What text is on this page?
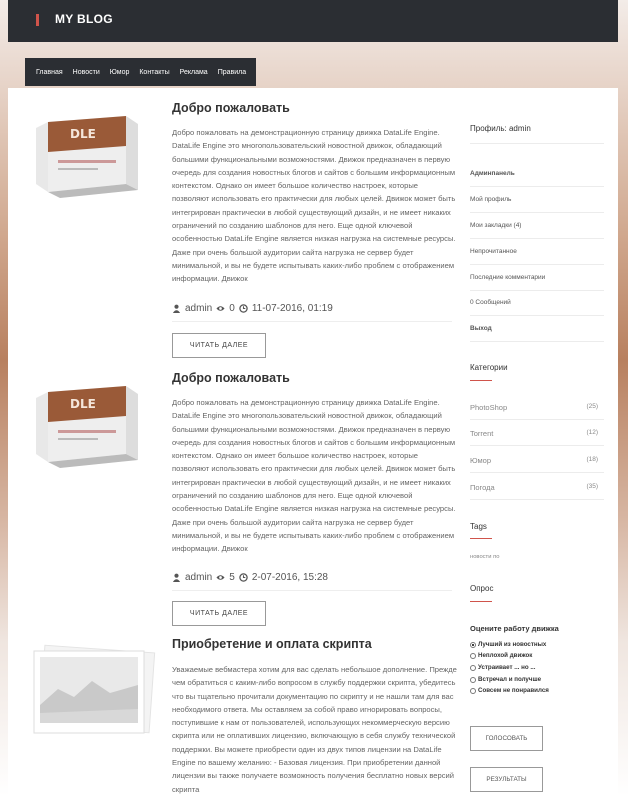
MY BLOG
Главная	Новости	Юмор	Контакты	Реклама	Правила
DLE
Добро пожаловать
Добро пожаловать на демонстрационную страницу движка DataLife Engine. DataLife Engine это многопользовательский новостной движок, обладающий большими функциональными возможностями. Движок предназначен в первую очередь для создания новостных блогов и сайтов с большим информационным контекстом. Однако он имеет большое количество настроек, которые позволяют использовать его практически для любых целей. Движок может быть интегрирован практически в любой существующий дизайн, и не имеет никаких ограничений по созданию шаблонов для него. Еще одной ключевой особенностью DataLife Engine является низкая нагрузка на системные ресурсы. Даже при очень большой аудитории сайта нагрузка не сервер будет минимальной, и вы не будете испытывать каких-либо проблем с отображением информации. Движок
admin 0 11-07-2016, 01:19
ЧИТАТЬ ДАЛЕЕ
DLE
Добро пожаловать
Добро пожаловать на демонстрационную страницу движка DataLife Engine. DataLife Engine это многопользовательский новостной движок, обладающий большими функциональными возможностями. Движок предназначен в первую очередь для создания новостных блогов и сайтов с большим информационным контекстом. Однако он имеет большое количество настроек, которые позволяют использовать его практически для любых целей. Движок может быть интегрирован практически в любой существующий дизайн, и не имеет никаких ограничений по созданию шаблонов для него. Еще одной ключевой особенностью DataLife Engine является низкая нагрузка на системные ресурсы. Даже при очень большой аудитории сайта нагрузка не сервер будет минимальной, и вы не будете испытывать каких-либо проблем с отображением информации. Движок
admin 5 2-07-2016, 15:28
ЧИТАТЬ ДАЛЕЕ
Приобретение и оплата скрипта
Уважаемые вебмастера хотим для вас сделать небольшое дополнение. Прежде чем обратиться с каким-либо вопросом в службу поддержки скрипта, убедитесь что вы тщательно прочитали документацию по скрипту и не нашли там для вас необходимого ответа. Мы оставляем за собой право игнорировать вопросы, поступившие к нам от пользователей, использующих некоммерческую версию скрипта или не оплативших лицензию, включающую в себя службу технической поддержки. Вы можете приобрести один из двух типов лицензии на DataLife Engine по вашему желанию: - Базовая лицензия. При приобретении данной лицензии вы также получаете возможность получения бесплатно новых версий скрипта
Профиль: admin
Админпанель
Мой профиль
Мои закладки (4)
Непрочитанное
Последние комментарии
0 Сообщений
Выход
Категории
PhotoShop	(25)
Torrent	(12)
Юмор	(18)
Погода	(35)
Tags
новости по
Опрос
Оцените работу движка
Лучший из новостных
Неплохой движок
Устраивает ... но ...
Встречал и получше
Совсем не понравился
ГОЛОСОВАТЬ
РЕЗУЛЬТАТЫ
